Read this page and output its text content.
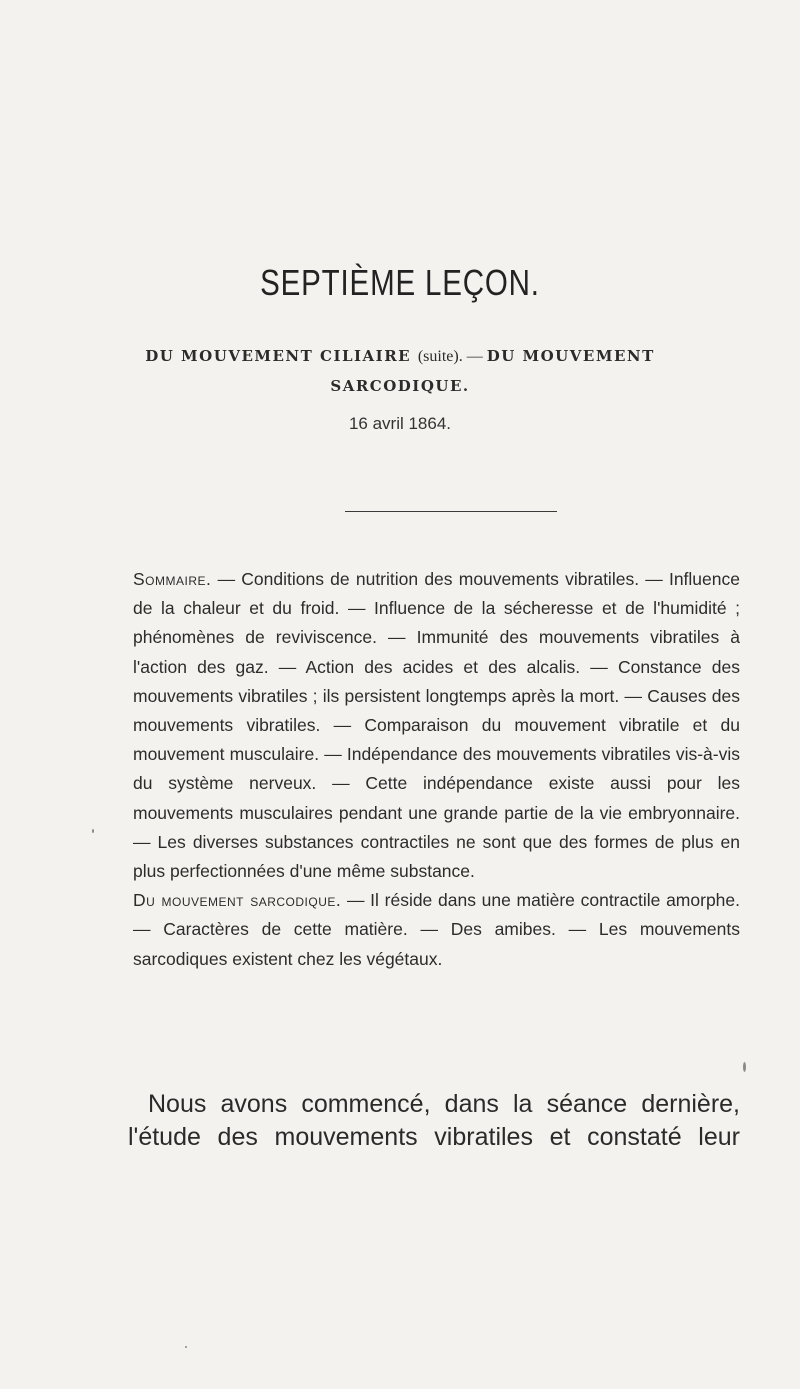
SEPTIÈME LEÇON.
DU MOUVEMENT CILIAIRE (suite). — DU MOUVEMENT
SARCODIQUE.
16 avril 1864.

Sommaire. — Conditions de nutrition des mouvements vibratiles. — Influence de la chaleur et du froid. — Influence de la sécheresse et de l'humidité ; phénomènes de reviviscence. — Immunité des mouvements vibratiles à l'action des gaz. — Action des acides et des alcalis. — Constance des mouvements vibratiles ; ils persistent longtemps après la mort. — Causes des mouvements vibratiles. — Comparaison du mouvement vibratile et du mouvement musculaire. — Indépendance des mouvements vibratiles vis-à-vis du système nerveux. — Cette indépendance existe aussi pour les mouvements musculaires pendant une grande partie de la vie embryonnaire. — Les diverses substances contractiles ne sont que des formes de plus en plus perfectionnées d'une même substance.

Du mouvement sarcodique. — Il réside dans une matière contractile amorphe. — Caractères de cette matière. — Des amibes. — Les mouvements sarcodiques existent chez les végétaux.

Nous avons commencé, dans la séance dernière, l'étude des mouvements vibratiles et constaté leur
